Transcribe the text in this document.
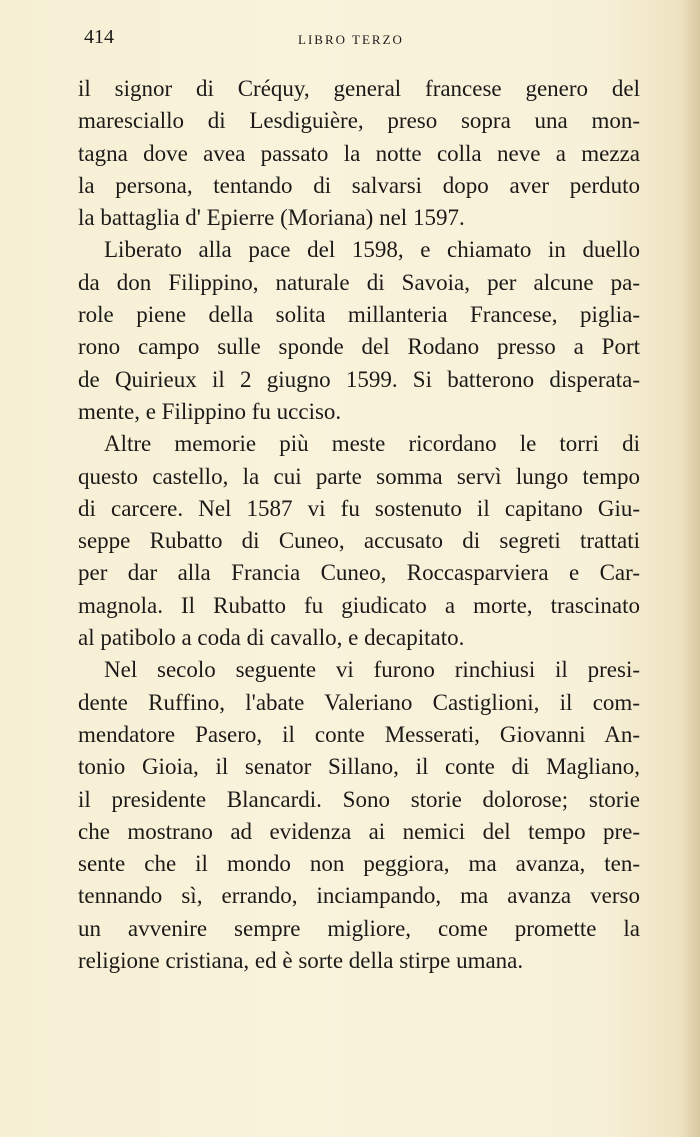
414	LIBRO TERZO

il signor di Créquy, general francese genero del
maresciallo di Lesdiguière, preso sopra una mon-
tagna dove avea passato la notte colla neve a mezza
la persona, tentando di salvarsi dopo aver perduto
la battaglia d' Epierre (Moriana) nel 1597.

Liberato alla pace del 1598, e chiamato in duello
da don Filippino, naturale di Savoia, per alcune pa-
role piene della solita millanteria Francese, piglia-
rono campo sulle sponde del Rodano presso a Port
de Quirieux il 2 giugno 1599. Si batterono disperata-
mente, e Filippino fu ucciso.

Altre memorie più meste ricordano le torri di
questo castello, la cui parte somma servì lungo tempo
di carcere. Nel 1587 vi fu sostenuto il capitano Giu-
seppe Rubatto di Cuneo, accusato di segreti trattati
per dar alla Francia Cuneo, Roccasparviera e Car-
magnola. Il Rubatto fu giudicato a morte, trascinato
al patibolo a coda di cavallo, e decapitato.

Nel secolo seguente vi furono rinchiusi il presi-
dente Ruffino, l'abate Valeriano Castiglioni, il com-
mendatore Pasero, il conte Messerati, Giovanni An-
tonio Gioia, il senator Sillano, il conte di Magliano,
il presidente Blancardi. Sono storie dolorose; storie
che mostrano ad evidenza ai nemici del tempo pre-
sente che il mondo non peggiora, ma avanza, ten-
tennando sì, errando, inciampando, ma avanza verso
un avvenire sempre migliore, come promette la
religione cristiana, ed è sorte della stirpe umana.
